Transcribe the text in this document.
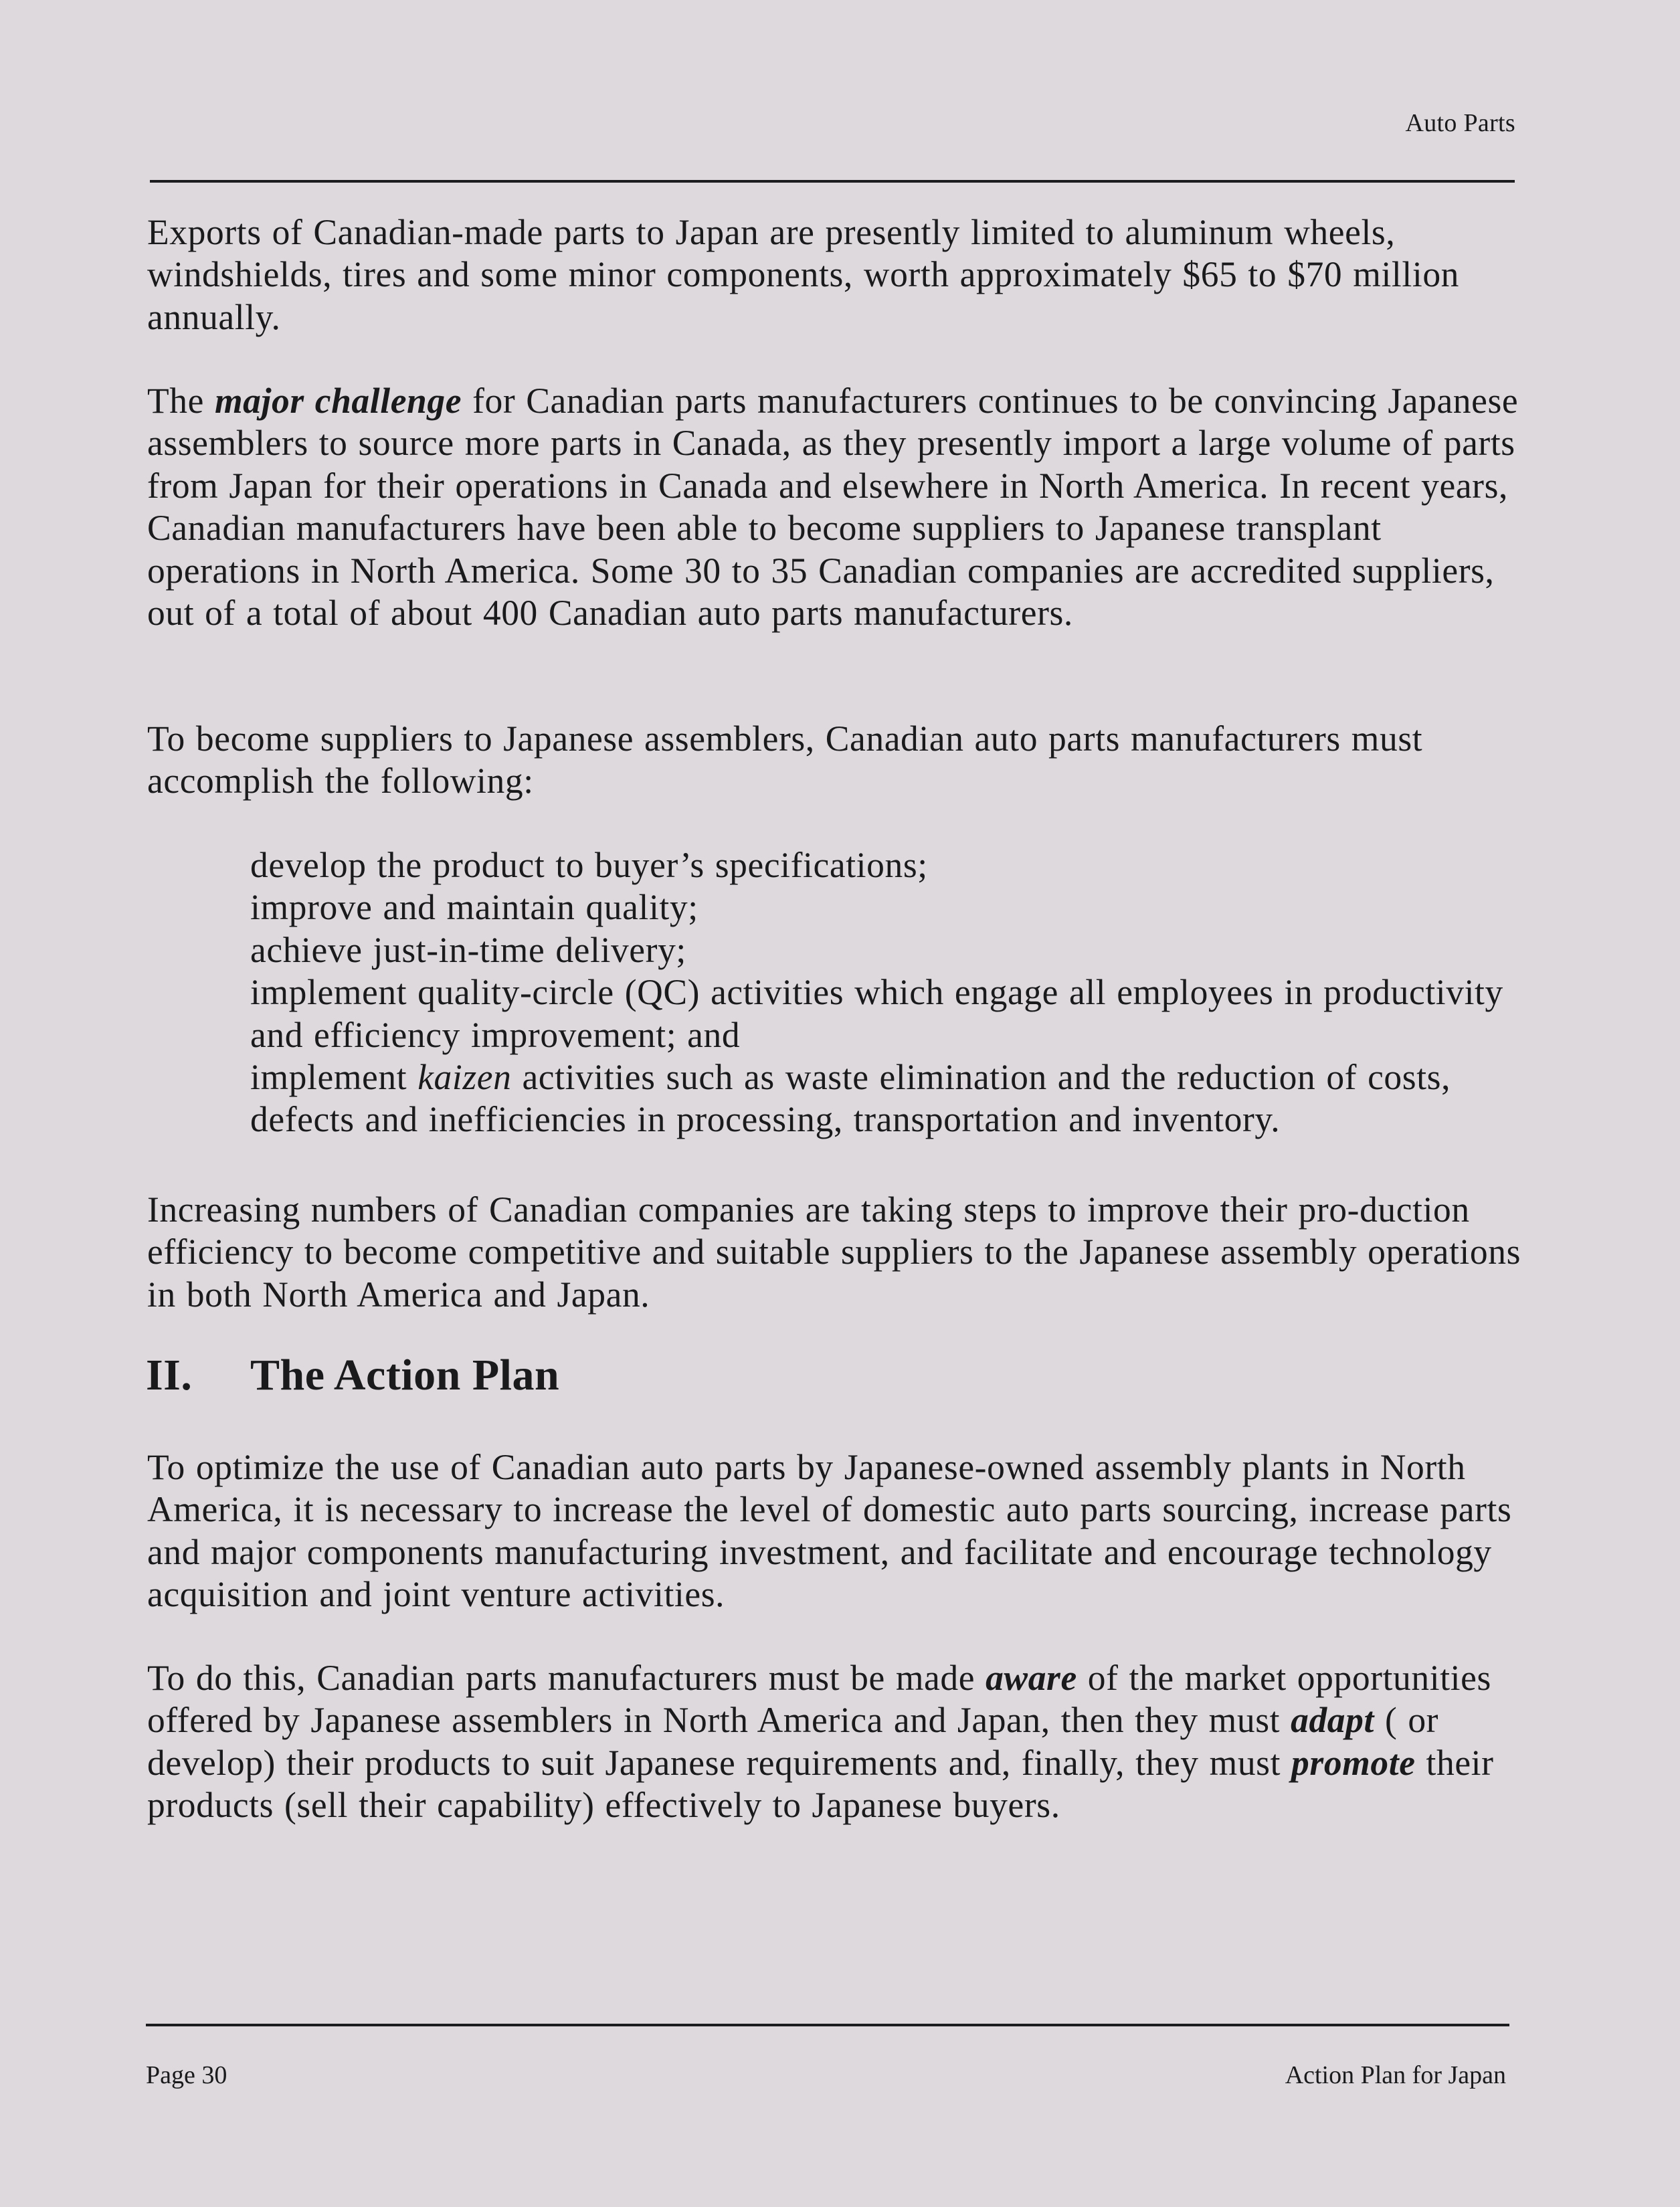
Auto Parts

Exports of Canadian-made parts to Japan are presently limited to aluminum wheels, windshields, tires and some minor components, worth approximately $65 to $70 million annually.

The major challenge for Canadian parts manufacturers continues to be convincing Japanese assemblers to source more parts in Canada, as they presently import a large volume of parts from Japan for their operations in Canada and elsewhere in North America. In recent years, Canadian manufacturers have been able to become suppliers to Japanese transplant operations in North America. Some 30 to 35 Canadian companies are accredited suppliers, out of a total of about 400 Canadian auto parts manufacturers.

To become suppliers to Japanese assemblers, Canadian auto parts manufacturers must accomplish the following:

develop the product to buyer’s specifications;
improve and maintain quality;
achieve just-in-time delivery;
implement quality-circle (QC) activities which engage all employees in productivity and efficiency improvement; and
implement kaizen activities such as waste elimination and the reduction of costs, defects and inefficiencies in processing, transportation and inventory.

Increasing numbers of Canadian companies are taking steps to improve their pro-duction efficiency to become competitive and suitable suppliers to the Japanese assembly operations in both North America and Japan.

II. The Action Plan

To optimize the use of Canadian auto parts by Japanese-owned assembly plants in North America, it is necessary to increase the level of domestic auto parts sourcing, increase parts and major components manufacturing investment, and facilitate and encourage technology acquisition and joint venture activities.

To do this, Canadian parts manufacturers must be made aware of the market opportunities offered by Japanese assemblers in North America and Japan, then they must adapt ( or develop) their products to suit Japanese requirements and, finally, they must promote their products (sell their capability) effectively to Japanese buyers.

Page 30	Action Plan for Japan
